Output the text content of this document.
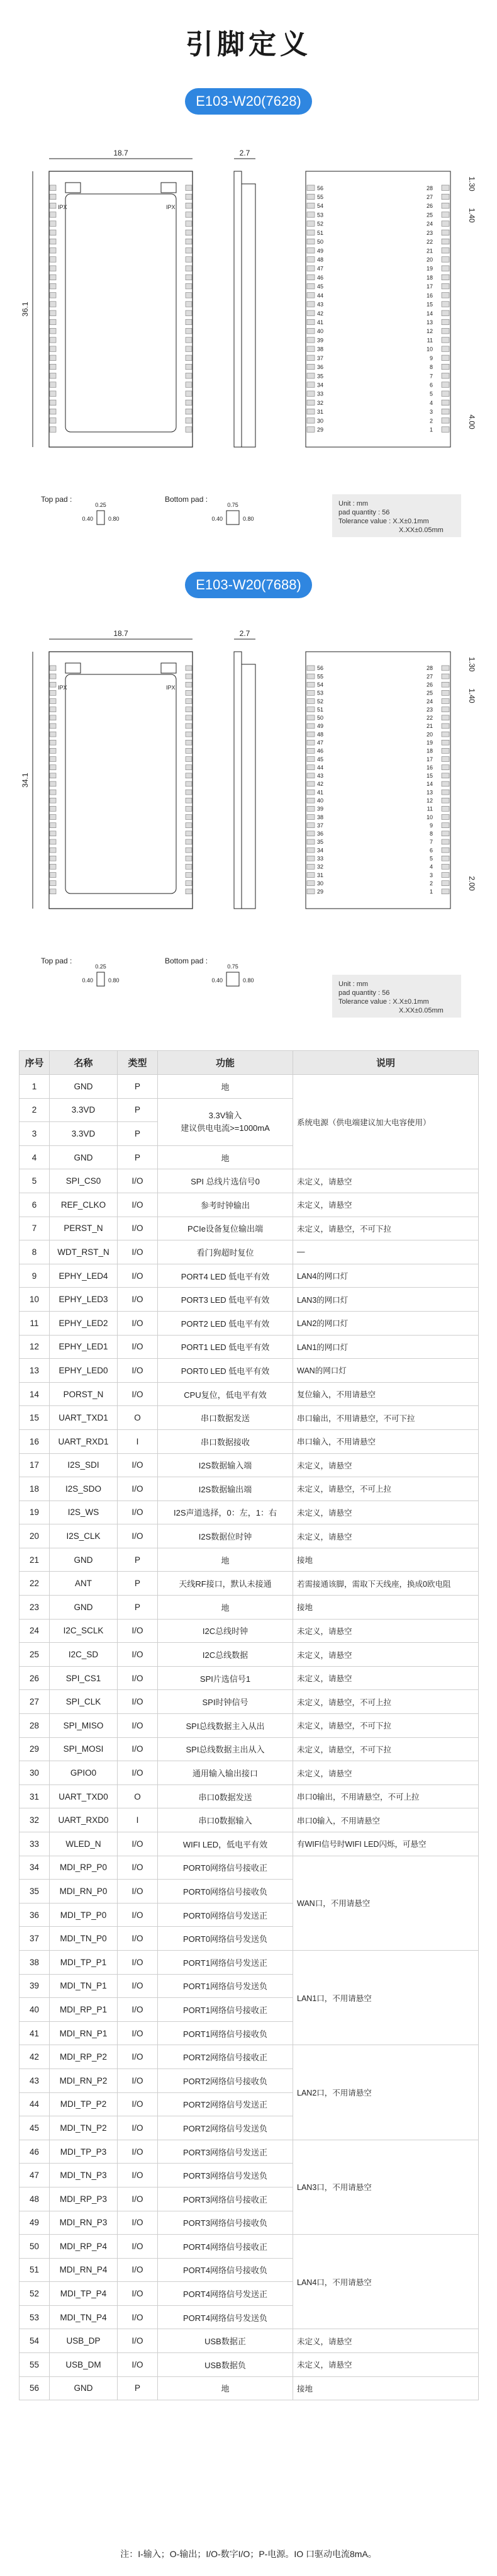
引脚定义
E103-W20(7628)
E103-W20(7688)
18.7
36.1
IPX	IPX
2.7
1.30
1.40
4.00
56	28
55	27
54	26
53	25
52	24
51	23
50	22
49	21
48	20
47	19
46	18
45	17
44	16
43	15
42	14
41	13
40	12
39	11
38	10
37	9
36	8
35	7
34	6
33	5
32	4
31	3
30	2
29	1
Top pad :
0.25
0.40	0.80
Bottom pad :
0.75
0.40	0.80
18.7
34.1
IPX	IPX
2.7
1.30
1.40
2.00
56	28
55	27
54	26
53	25
52	24
51	23
50	22
49	21
48	20
47	19
46	18
45	17
44	16
43	15
42	14
41	13
40	12
39	11
38	10
37	9
36	8
35	7
34	6
33	5
32	4
31	3
30	2
29	1
Top pad :
0.25
0.40	0.80
Bottom pad :
0.75
0.40	0.80
Unit : mm
pad quantity : 56
Tolerance value : X.X±0.1mm
X.XX±0.05mm
Unit : mm
pad quantity : 56
Tolerance value : X.X±0.1mm
X.XX±0.05mm
序号	名称	类型	功能	说明
1	GND	P	地	系统电源（供电端建议加大电容使用）
2	3.3VD	P	3.3V输入
建议供电电流>=1000mA	

3	3.3VD	P		
4	GND	P	地	
5	SPI_CS0	I/O	SPI 总线片选信号0	未定义，请悬空
6	REF_CLKO	I/O	参考时钟输出	未定义，请悬空
7	PERST_N	I/O	PCIe设备复位输出端	未定义，请悬空，不可下拉
8	WDT_RST_N	I/O	看门狗超时复位	—
9	EPHY_LED4	I/O	PORT4 LED 低电平有效	LAN4的网口灯
10	EPHY_LED3	I/O	PORT3 LED 低电平有效	LAN3的网口灯
11	EPHY_LED2	I/O	PORT2 LED 低电平有效	LAN2的网口灯
12	EPHY_LED1	I/O	PORT1 LED 低电平有效	LAN1的网口灯
13	EPHY_LED0	I/O	PORT0 LED 低电平有效	WAN的网口灯
14	PORST_N	I/O	CPU复位，低电平有效	复位输入，不用请悬空
15	UART_TXD1	O	串口数据发送	串口输出，不用请悬空，不可下拉
16	UART_RXD1	I	串口数据接收	串口输入，不用请悬空
17	I2S_SDI	I/O	I2S数据输入端	未定义，请悬空
18	I2S_SDO	I/O	I2S数据输出端	未定义，请悬空，不可上拉
19	I2S_WS	I/O	I2S声道选择，0：左，1：右	未定义，请悬空
20	I2S_CLK	I/O	I2S数据位时钟	未定义，请悬空
21	GND	P	地	接地
22	ANT	P	天线RF接口，默认未接通	若需接通该脚，需取下天线座，换成0欧电阻
23	GND	P	地	接地
24	I2C_SCLK	I/O	I2C总线时钟	未定义，请悬空
25	I2C_SD	I/O	I2C总线数据	未定义，请悬空
26	SPI_CS1	I/O	SPI片选信号1	未定义，请悬空
27	SPI_CLK	I/O	SPI时钟信号	未定义，请悬空，不可上拉
28	SPI_MISO	I/O	SPI总线数据主入从出	未定义，请悬空，不可下拉
29	SPI_MOSI	I/O	SPI总线数据主出从入	未定义，请悬空，不可下拉
30	GPIO0	I/O	通用输入输出接口	未定义，请悬空
31	UART_TXD0	O	串口0数据发送	串口0输出，不用请悬空，不可上拉
32	UART_RXD0	I	串口0数据输入	串口0输入，不用请悬空
33	WLED_N	I/O	WIFI LED，低电平有效	有WIFI信号时WIFI LED闪烁，可悬空
34	MDI_RP_P0	I/O	PORT0网络信号接收正	WAN口，不用请悬空
35	MDI_RN_P0	I/O	PORT0网络信号接收负	
36	MDI_TP_P0	I/O	PORT0网络信号发送正	
37	MDI_TN_P0	I/O	PORT0网络信号发送负	
38	MDI_TP_P1	I/O	PORT1网络信号发送正	LAN1口，不用请悬空
39	MDI_TN_P1	I/O	PORT1网络信号发送负	
40	MDI_RP_P1	I/O	PORT1网络信号接收正	
41	MDI_RN_P1	I/O	PORT1网络信号接收负	
42	MDI_RP_P2	I/O	PORT2网络信号接收正	LAN2口，不用请悬空
43	MDI_RN_P2	I/O	PORT2网络信号接收负	
44	MDI_TP_P2	I/O	PORT2网络信号发送正	
45	MDI_TN_P2	I/O	PORT2网络信号发送负	
46	MDI_TP_P3	I/O	PORT3网络信号发送正	LAN3口，不用请悬空
47	MDI_TN_P3	I/O	PORT3网络信号发送负	
48	MDI_RP_P3	I/O	PORT3网络信号接收正	
49	MDI_RN_P3	I/O	PORT3网络信号接收负	
50	MDI_RP_P4	I/O	PORT4网络信号接收正	LAN4口，不用请悬空
51	MDI_RN_P4	I/O	PORT4网络信号接收负	
52	MDI_TP_P4	I/O	PORT4网络信号发送正	
53	MDI_TN_P4	I/O	PORT4网络信号发送负	
54	USB_DP	I/O	USB数据正	未定义，请悬空
55	USB_DM	I/O	USB数据负	未定义，请悬空
56	GND	P	地	接地
注：I-输入；O-输出；I/O-数字I/O；P-电源。IO 口驱动电流8mA。
